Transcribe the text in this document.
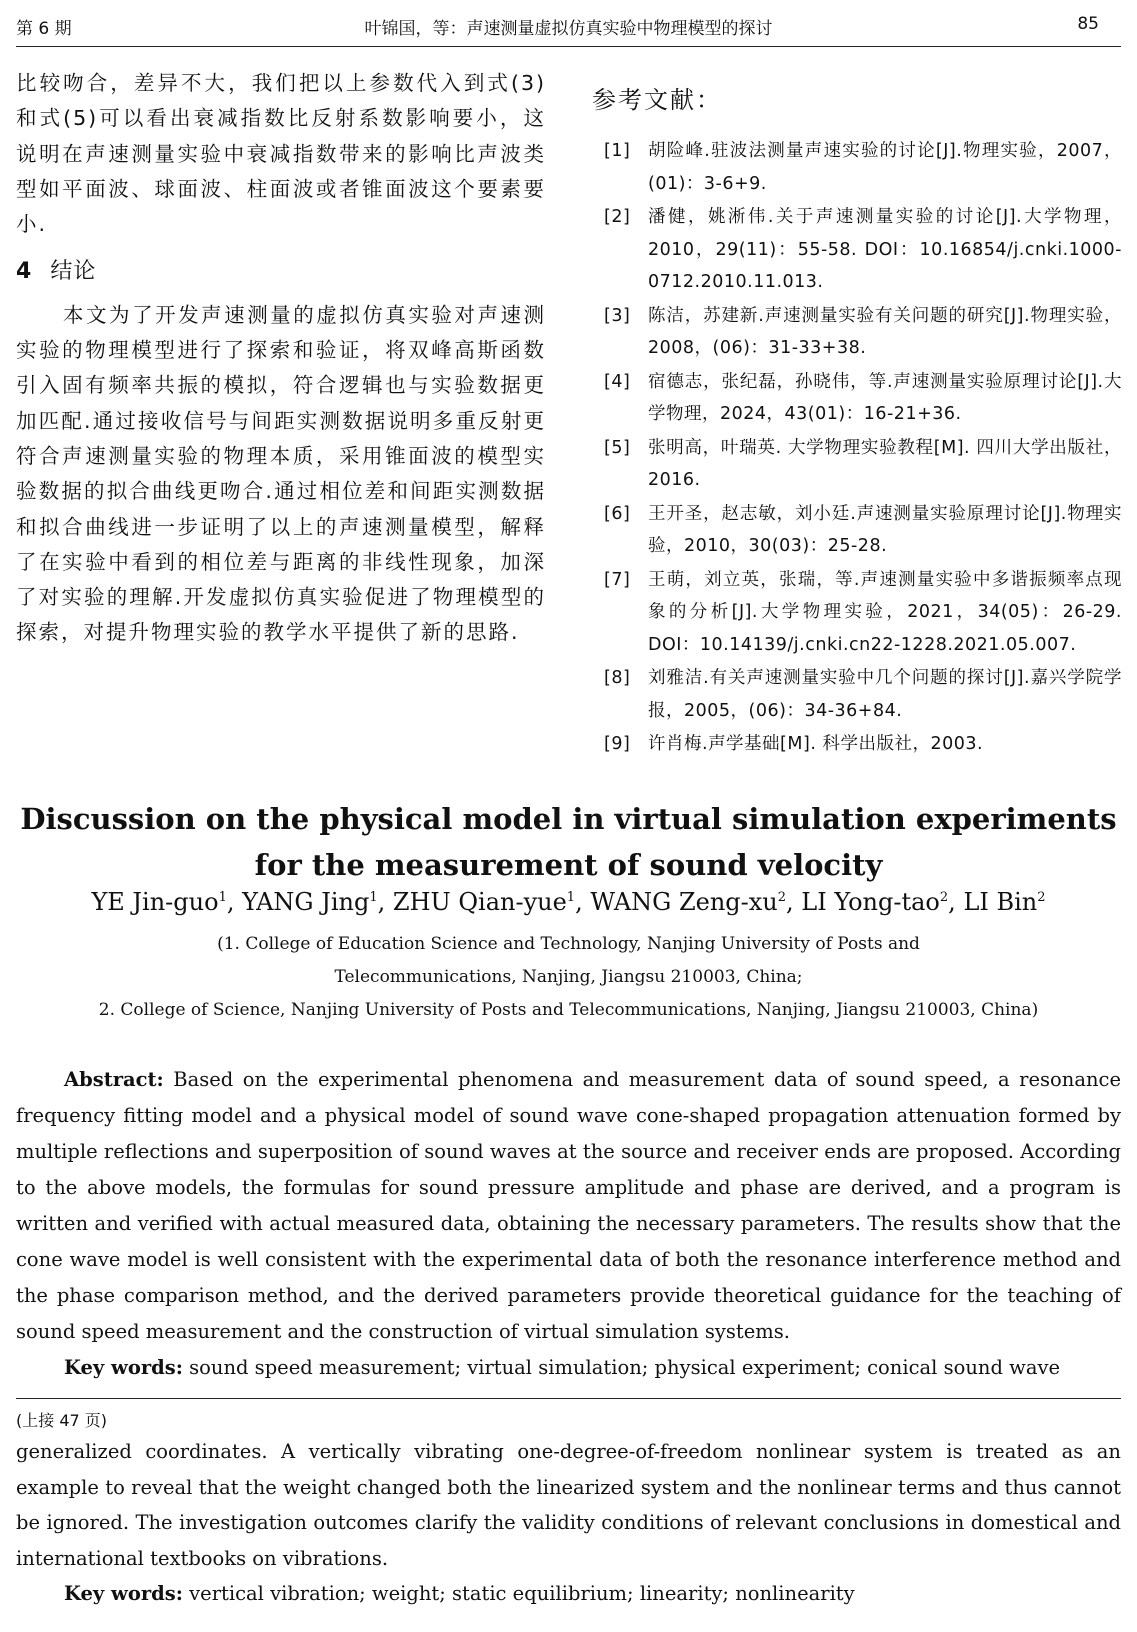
第 6 期	叶锦国，等：声速测量虚拟仿真实验中物理模型的探讨	85

比较吻合，差异不大，我们把以上参数代入到式(3)和式(5)可以看出衰减指数比反射系数影响要小，这说明在声速测量实验中衰减指数带来的影响比声波类型如平面波、球面波、柱面波或者锥面波这个要素要小.

4 结论

本文为了开发声速测量的虚拟仿真实验对声速测实验的物理模型进行了探索和验证，将双峰高斯函数引入固有频率共振的模拟，符合逻辑也与实验数据更加匹配.通过接收信号与间距实测数据说明多重反射更符合声速测量实验的物理本质，采用锥面波的模型实验数据的拟合曲线更吻合.通过相位差和间距实测数据和拟合曲线进一步证明了以上的声速测量模型，解释了在实验中看到的相位差与距离的非线性现象，加深了对实验的理解.开发虚拟仿真实验促进了物理模型的探索，对提升物理实验的教学水平提供了新的思路.

参考文献：
[1] 胡险峰.驻波法测量声速实验的讨论[J].物理实验，2007，(01)：3-6+9.
[2] 潘健，姚淅伟.关于声速测量实验的讨论[J].大学物理，2010，29(11)：55-58. DOI：10.16854/j.cnki.1000-0712.2010.11.013.
[3] 陈洁，苏建新.声速测量实验有关问题的研究[J].物理实验，2008，(06)：31-33+38.
[4] 宿德志，张纪磊，孙晓伟，等.声速测量实验原理讨论[J].大学物理，2024，43(01)：16-21+36.
[5] 张明高，叶瑞英. 大学物理实验教程[M]. 四川大学出版社，2016.
[6] 王开圣，赵志敏，刘小廷.声速测量实验原理讨论[J].物理实验，2010，30(03)：25-28.
[7] 王萌，刘立英，张瑞，等.声速测量实验中多谐振频率点现象的分析[J].大学物理实验，2021，34(05)：26-29. DOI：10.14139/j.cnki.cn22-1228.2021.05.007.
[8] 刘雅洁.有关声速测量实验中几个问题的探讨[J].嘉兴学院学报，2005，(06)：34-36+84.
[9] 许肖梅.声学基础[M]. 科学出版社，2003.
Discussion on the physical model in virtual simulation experiments
for the measurement of sound velocity
YE Jin-guo$^1$, YANG Jing$^1$, ZHU Qian-yue$^1$, WANG Zeng-$xu^2$, LI Yong-tao$^2$, LI Bin$^2$
(1. College of Education Science and Technology, Nanjing University of Posts and
Telecommunications, Nanjing, Jiangsu 210003, China;
2. College of Science, Nanjing University of Posts and Telecommunications, Nanjing, Jiangsu 210003, China)

Abstract: Based on the experimental phenomena and measurement data of sound speed, a resonance frequency fitting model and a physical model of sound wave cone-shaped propagation attenuation formed by multiple reflections and superposition of sound waves at the source and receiver ends are proposed. According to the above models, the formulas for sound pressure amplitude and phase are derived, and a program is written and verified with actual measured data, obtaining the necessary parameters. The results show that the cone wave model is well consistent with the experimental data of both the resonance interference method and the phase comparison method, and the derived parameters provide theoretical guidance for the teaching of sound speed measurement and the construction of virtual simulation systems.

Key words: sound speed measurement; virtual simulation; physical experiment; conical sound wave

(上接 47 页)

generalized coordinates. A vertically vibrating one-degree-of-freedom nonlinear system is treated as an example to reveal that the weight changed both the linearized system and the nonlinear terms and thus cannot be ignored. The investigation outcomes clarify the validity conditions of relevant conclusions in domestical and international textbooks on vibrations.

Key words: vertical vibration; weight; static equilibrium; linearity; nonlinearity
